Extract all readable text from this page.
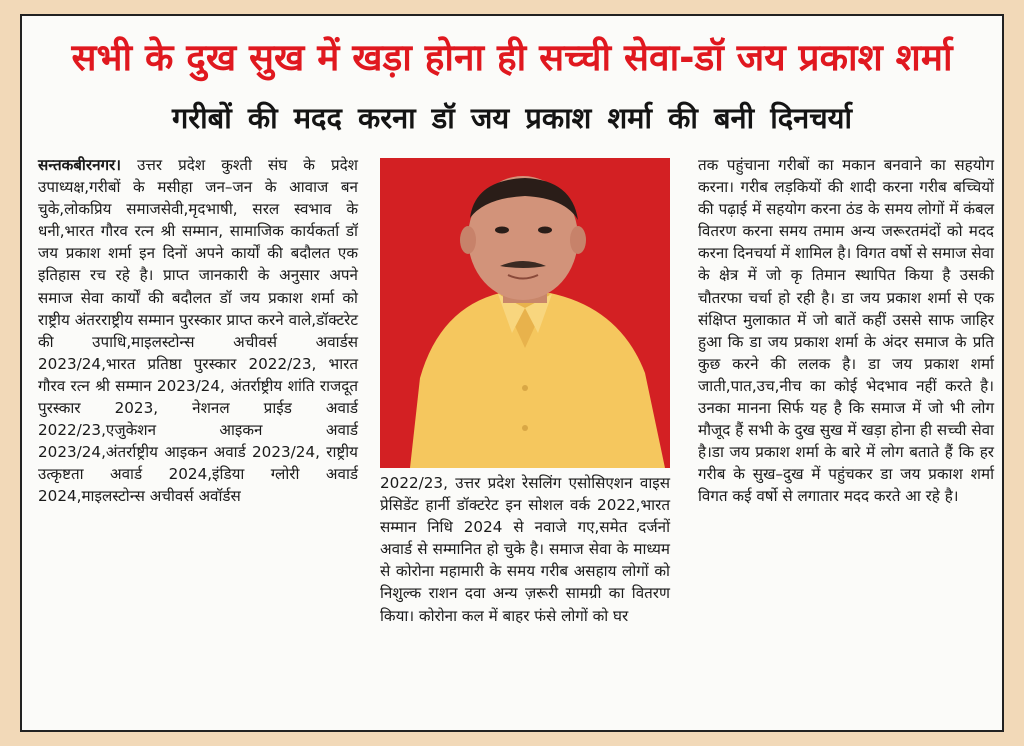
सभी के दुख सुख में खड़ा होना ही सच्ची सेवा-डॉ जय प्रकाश शर्मा
गरीबों की मदद करना डॉ जय प्रकाश शर्मा की बनी दिनचर्या
सन्तकबीरनगर। उत्तर प्रदेश कुश्ती संघ के प्रदेश उपाध्यक्ष,गरीबों के मसीहा जन–जन के आवाज बन चुके,लोकप्रिय समाजसेवी,मृदभाषी, सरल स्वभाव के धनी,भारत गौरव रत्न श्री सम्मान, सामाजिक कार्यकर्ता डॉ जय प्रकाश शर्मा इन दिनों अपने कार्यों की बदौलत एक इतिहास रच रहे है। प्राप्त जानकारी के अनुसार अपने समाज सेवा कार्यों की बदौलत डॉ जय प्रकाश शर्मा को राष्ट्रीय अंतरराष्ट्रीय सम्मान पुरस्कार प्राप्त करने वाले,डॉक्टरेट की उपाधि,माइलस्टोन्स अचीवर्स अवार्डस 2023/24,भारत प्रतिष्ठा पुरस्कार 2022/23, भारत गौरव रत्न श्री सम्मान 2023/24, अंतर्राष्ट्रीय शांति राजदूत पुरस्कार 2023, नेशनल प्राईड अवार्ड 2022/23,एजुकेशन आइकन अवार्ड 2023/24,अंतर्राष्ट्रीय आइकन अवार्ड 2023/24, राष्ट्रीय उत्कृष्टता अवार्ड 2024,इंडिया ग्लोरी अवार्ड 2024,माइलस्टोन्स अचीवर्स अवॉर्डस
2022/23, उत्तर प्रदेश रेसलिंग एसोसिएशन वाइस प्रेसिडेंट हार्नी डॉक्टरेट इन सोशल वर्क 2022,भारत सम्मान निधि 2024 से नवाजे गए,समेत दर्जनों अवार्ड से सम्मानित हो चुके है। समाज सेवा के माध्यम से कोरोना महामारी के समय गरीब असहाय लोगों को निशुल्क राशन दवा अन्य ज़रूरी सामग्री का वितरण किया। कोरोना कल में बाहर फंसे लोगों को घर
तक पहुंचाना गरीबों का मकान बनवाने का सहयोग करना। गरीब लड़कियों की शादी करना गरीब बच्चियों की पढ़ाई में सहयोग करना ठंड के समय लोगों में कंबल वितरण करना समय तमाम अन्य जरूरतमंदों को मदद करना दिनचर्या में शामिल है। विगत वर्षो से समाज सेवा के क्षेत्र में जो कृ तिमान स्थापित किया है उसकी चौतरफा चर्चा हो रही है। डा जय प्रकाश शर्मा से एक संक्षिप्त मुलाकात में जो बातें कहीं उससे साफ जाहिर हुआ कि डा जय प्रकाश शर्मा के अंदर समाज के प्रति कुछ करने की ललक है। डा जय प्रकाश शर्मा जाती,पात,उच,नीच का कोई भेदभाव नहीं करते है। उनका मानना सिर्फ यह है कि समाज में जो भी लोग मौजूद हैं सभी के दुख सुख में खड़ा होना ही सच्ची सेवा है।डा जय प्रकाश शर्मा के बारे में लोग बताते हैं कि हर गरीब के सुख–दुख में पहुंचकर डा जय प्रकाश शर्मा विगत कई वर्षो से लगातार मदद करते आ रहे है।
